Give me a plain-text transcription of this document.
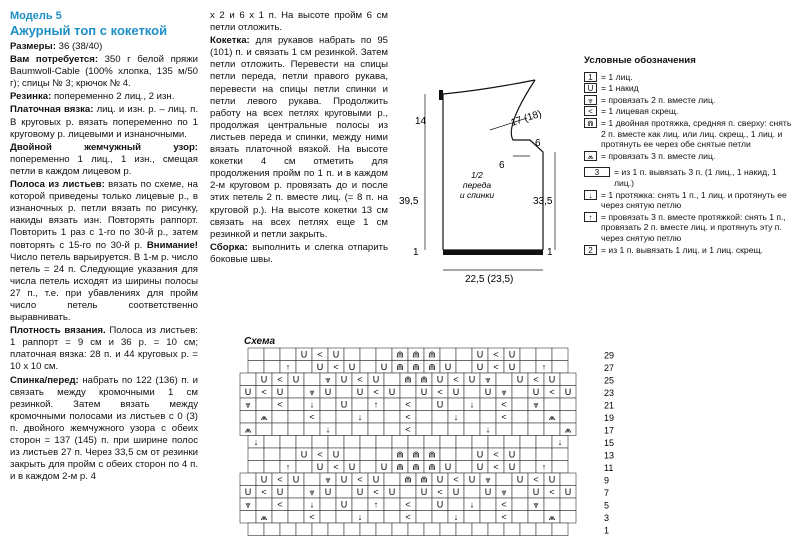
Модель 5
Ажурный топ с кокеткой

Размеры: 36 (38/40)

Вам потребуется: 350 г белой пряжи Baumwoll-Cable (100% хлопка, 135 м/50 г); спицы № 3; крючок № 4.

Резинка: попеременно 2 лиц., 2 изн.

Платочная вязка: лиц. и изн. р. – лиц. п. В круговых р. вязать попеременно по 1 круговому р. лицевыми и изнаночными.

Двойной жемчужный узор: попеременно 1 лиц., 1 изн., смещая петли в каждом лицевом р.

Полоса из листьев: вязать по схеме, на которой приведены только лицевые р., в изнаночных р. петли вязать по рисунку, накиды вязать изн. Повторять раппорт. Повторить 1 раз с 1-го по 30-й р., затем повторять с 15-го по 30-й р. Внимание! Число петель варьируется. В 1-м р. число петель = 24 п. Следующие указания для числа петель исходят из ширины полосы 27 п., т.е. при убавлениях для пройм число петель соответственно выравнивать.

Плотность вязания. Полоса из листьев: 1 раппорт = 9 см и 36 р. = 10 см; платочная вязка: 28 п. и 44 круговых р. = 10 х 10 см.

Спинка/перед: набрать по 122 (136) п. и связать между кромочными 1 см резинкой. Затем вязать между кромочными полосами из листьев с 0 (3) п. двойного жемчужного узора с обеих сторон = 137 (145) п. при ширине полос из листьев 27 п. Через 33,5 см от резинки закрыть для пройм с обеих сторон по 4 п. и в каждом 2-м р. 4

х 2 и 6 х 1 п. На высоте пройм 6 см петли отложить.

Кокетка: для рукавов набрать по 95 (101) п. и связать 1 см резинкой. Затем петли отложить. Перевести на спицы петли переда, петли правого рукава, перевести на спицы петли спинки и петли левого рукава. Продолжить работу на всех петлях круговыми р., продолжая центральные полосы из листьев переда и спинки, между ними вязать платочной вязкой. На высоте кокетки 4 см отметить для продолжения пройм по 1 п. и в каждом 2-м круговом р. провязать до и после этих петель 2 п. вместе лиц. (= 8 п. на круговой р.). На высоте кокетки 13 см связать на всех петлях еще 1 см резинкой и петли закрыть.

Сборка: выполнить и слегка отпарить боковые швы.

14	17 (18)
6
6
39,5	33,5
1	1
22,5 (23,5)
1/2 переда и спинки
Условные обозначения
1 = 1 лиц.
U = 1 накид
⩔ = провязать 2 п. вместе лиц.
< = 1 лицевая скрещ.
⋒ = 1 двойная протяжка, средняя п. сверху: снять 2 п. вместе как лиц. или лиц. скрещ., 1 лиц. и протянуть ее через обе снятые петли
⩕ = провязать 3 п. вместе лиц.
3	= из 1 п. вывязать 3 п. (1 лиц., 1 накид, 1 лиц.)
↓ = 1 протяжка: снять 1 п., 1 лиц. и протянуть ее через снятую петлю
↑ = провязать 3 п. вместе протяжкой: снять 1 п., провязать 2 п. вместе лиц. и протянуть эту п. через снятую петлю
2 = из 1 п. вывязать 1 лиц. и 1 лиц. скрещ.
Схема
U < U	⋒ ⋒ ⋒	U < U	29
↑	U < U	U ⋒ ⋒ ⋒ U	U < U	↑	27
U < U	⩔ U < U	⋒ ⋒ U < U ⩔	U < U	25
U < U	⩔ U	U < U	U < U	U ⩔	U < U	23
⩔	<	↓	U	↑	<	U	↓	<	⩔	21
⩕	<	↓	<	↓	<	⩕	19
⩕	↓	<	↓	⩕	17
↓	↓	15
U < U	⋒ ⋒ ⋒	U < U	13
↑	U < U	U ⋒ ⋒ ⋒ U	U < U	↑	11
U < U	⩔ U < U	⋒ ⋒ U < U ⩔	U < U	9
U < U	⩔ U	U < U	U < U	U ⩔	U < U	7
⩔	<	↓	U	↑	<	U	↓	<	⩔	5
⩕	<	↓	<	↓	<	⩕	3
1
